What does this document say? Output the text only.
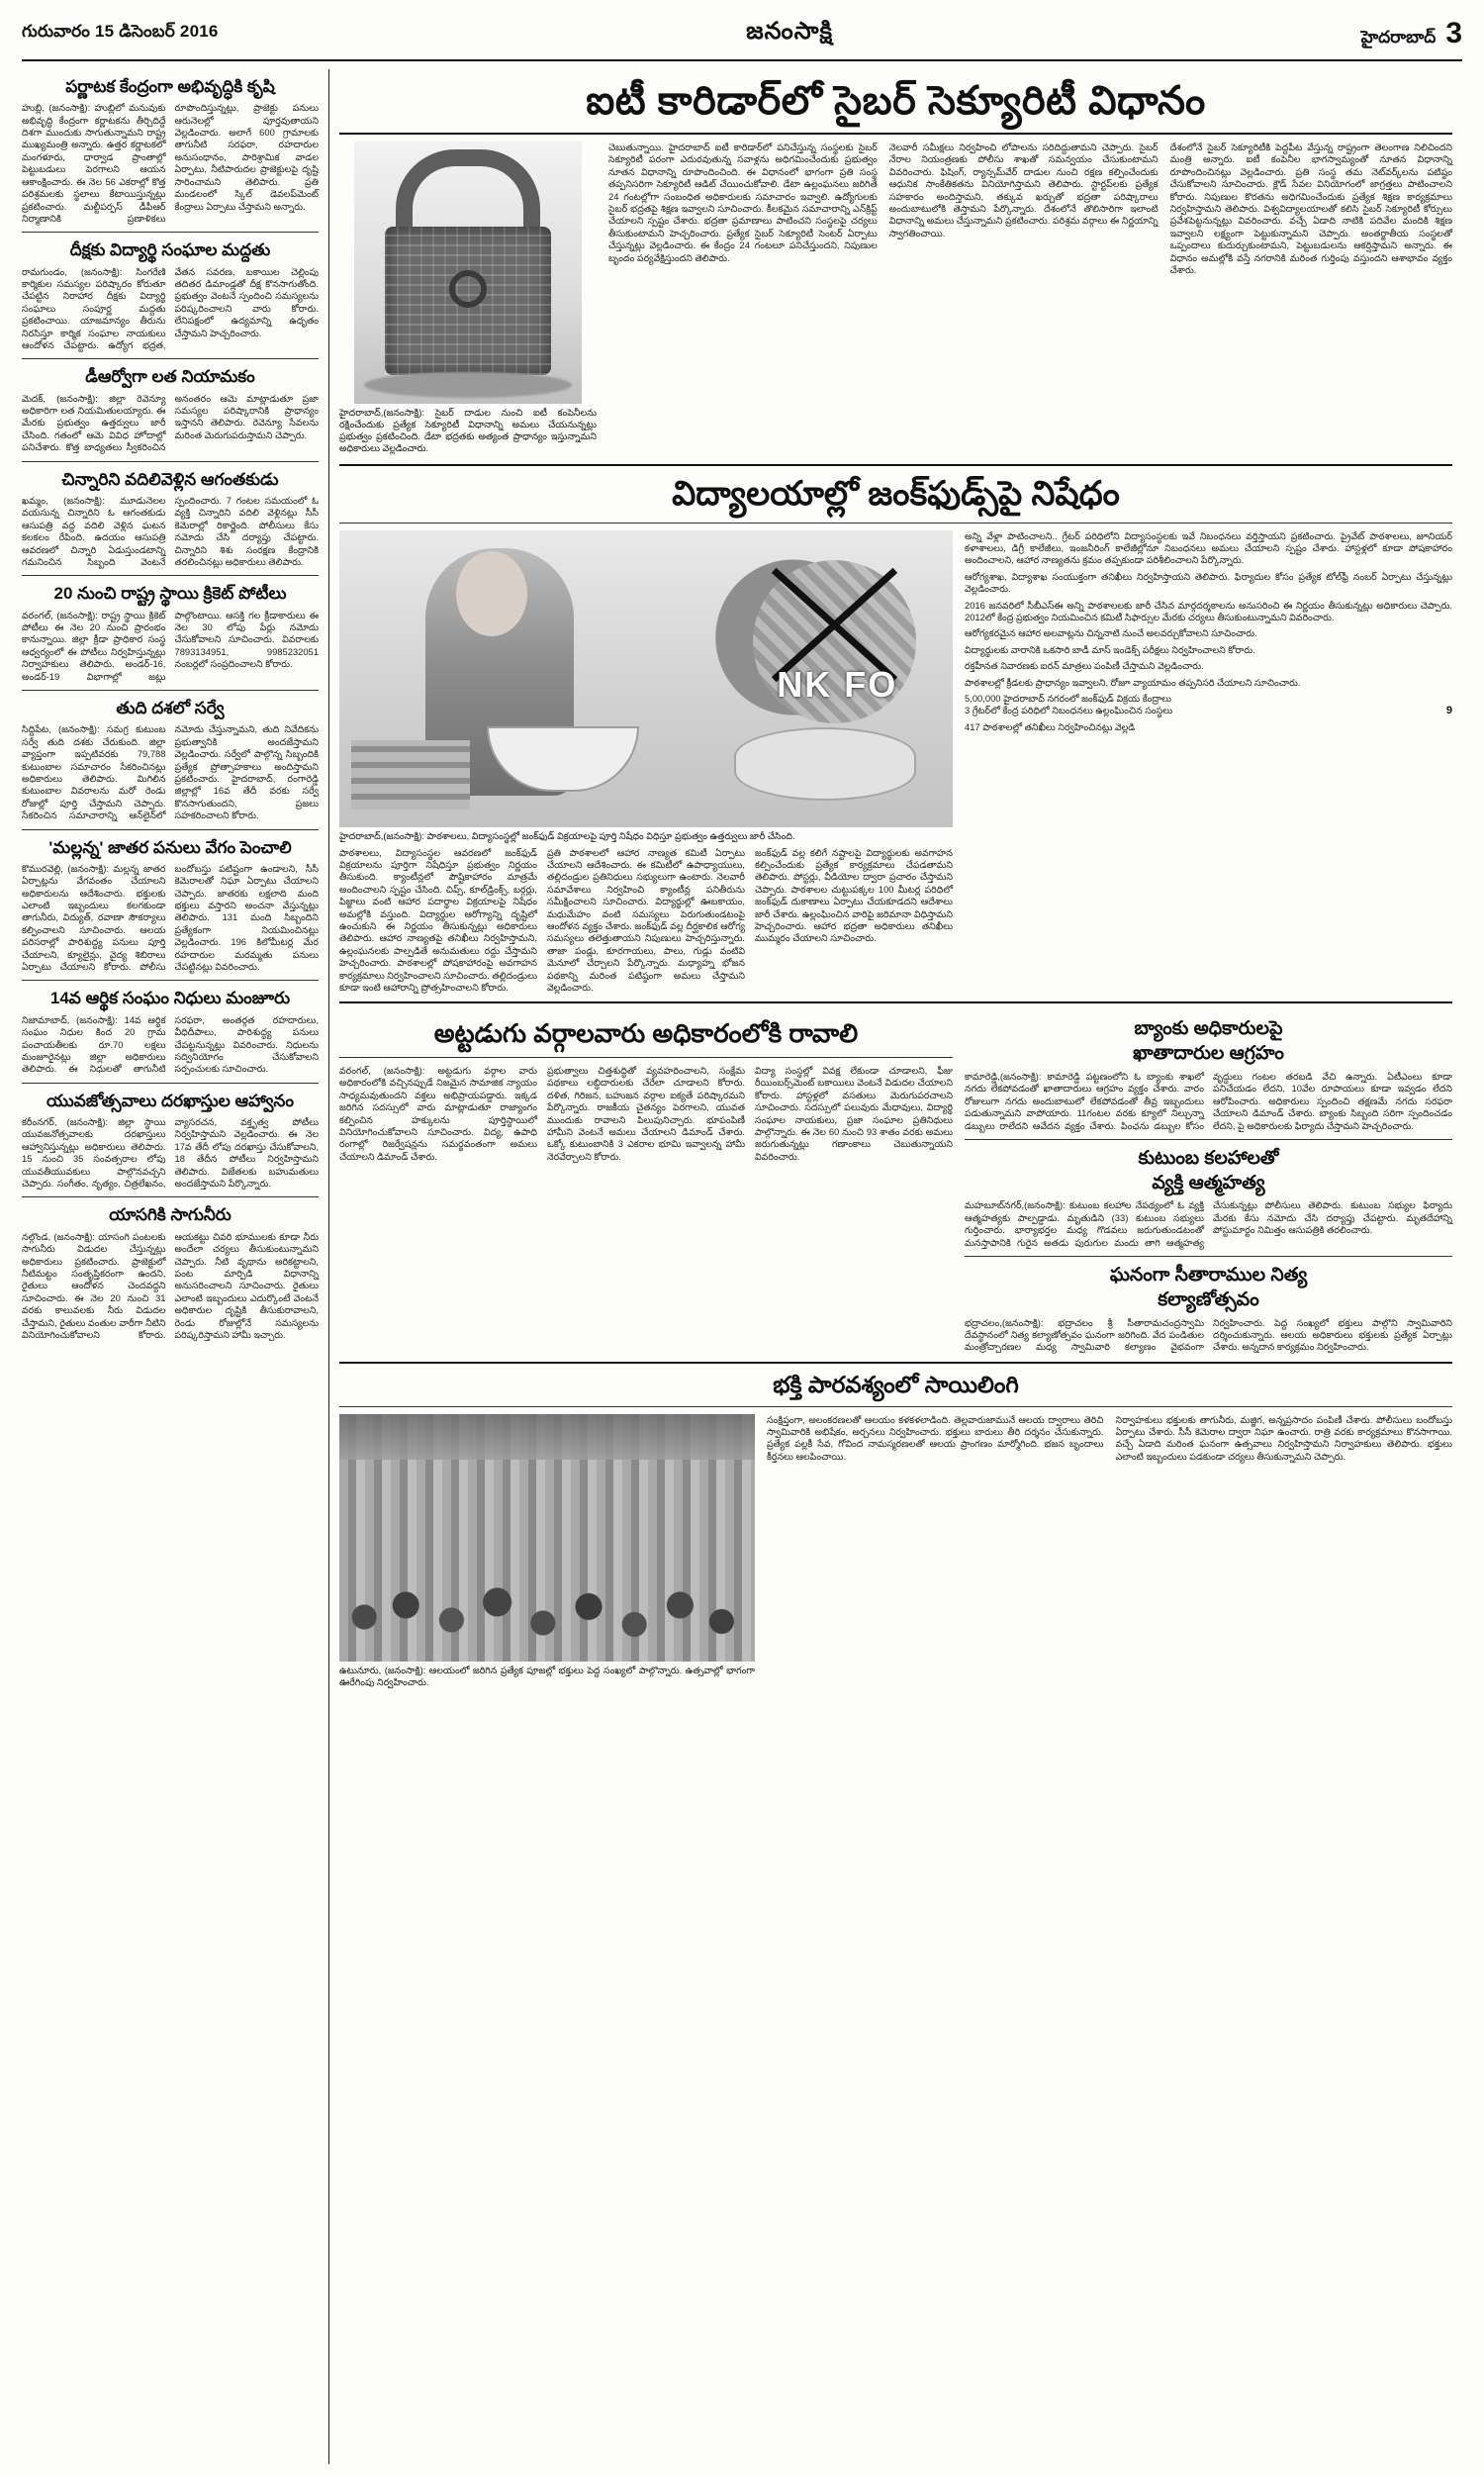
గురువారం 15 డిసెంబర్ 2016	జనంసాక్షి	హైదరాబాద్ 3
పర్ణాటక కేంద్రంగా అభివృద్ధికి కృషి
హుబ్లి, (జనంసాక్షి): హుబ్లిలో మనువుకు అభివృద్ధి కేంద్రంగా కర్ణాటకను తీర్చిదిద్దే దిశగా ముందుకు సాగుతున్నామని రాష్ట్ర ముఖ్యమంత్రి అన్నారు. ఉత్తర కర్ణాటకలో మంగళూరు, ధార్వాడ ప్రాంతాల్లో పెట్టుబడులు పెరగాలని ఆయన ఆకాంక్షించారు. ఈ నెల 56 ఎకరాల్లో కొత్త పరిశ్రమలకు స్థలాలు కేటాయిస్తున్నట్లు ప్రకటించారు. మల్టీపర్పస్ డీపీఆర్ నిర్మాణానికి ప్రణాళికలు రూపొందిస్తున్నట్లు, ప్రాజెక్టు పనులు ఆరునెలల్లో పూర్తవుతాయని వెల్లడించారు. అలాగే 600 గ్రామాలకు తాగునీటి సరఫరా, రహదారుల అనుసంధానం, పారిశ్రామిక వాడల ఏర్పాటు, నీటిపారుదల ప్రాజెక్టులపై దృష్టి సారించామని తెలిపారు. ప్రతి మండలంలో స్కిల్ డెవలప్‌మెంట్ కేంద్రాలు ఏర్పాటు చేస్తామని అన్నారు.
దీక్షకు విద్యార్థి సంఘాల మద్దతు
రామగుండం, (జనంసాక్షి): సింగరేణి కార్మికుల సమస్యల పరిష్కారం కోరుతూ చేపట్టిన నిరాహార దీక్షకు విద్యార్థి సంఘాలు సంపూర్ణ మద్దతు ప్రకటించాయి. యాజమాన్యం తీరును నిరసిస్తూ కార్మిక సంఘాల నాయకులు ఆందోళన చేపట్టారు. ఉద్యోగ భద్రత, వేతన సవరణ, బకాయిల చెల్లింపు తదితర డిమాండ్లతో దీక్ష కొనసాగుతోంది. ప్రభుత్వం వెంటనే స్పందించి సమస్యలను పరిష్కరించాలని వారు కోరారు. లేనిపక్షంలో ఉద్యమాన్ని ఉధృతం చేస్తామని హెచ్చరించారు.
డీఆర్వోగా లత నియామకం
మెదక్, (జనంసాక్షి): జిల్లా రెవెన్యూ అధికారిగా లత నియమితులయ్యారు. ఈ మేరకు ప్రభుత్వం ఉత్తర్వులు జారీ చేసింది. గతంలో ఆమె వివిధ హోదాల్లో పనిచేశారు. కొత్త బాధ్యతలు స్వీకరించిన అనంతరం ఆమె మాట్లాడుతూ ప్రజా సమస్యల పరిష్కారానికి ప్రాధాన్యం ఇస్తానని తెలిపారు. రెవెన్యూ సేవలను మరింత మెరుగుపరుస్తామని చెప్పారు.
చిన్నారిని వదిలివెళ్లిన ఆగంతకుడు
ఖమ్మం, (జనంసాక్షి): మూడునెలల వయసున్న చిన్నారిని ఓ ఆగంతకుడు ఆసుపత్రి వద్ద వదిలి వెళ్లిన ఘటన కలకలం రేపింది. ఉదయం ఆసుపత్రి ఆవరణలో చిన్నారి ఏడుస్తుండటాన్ని గమనించిన సిబ్బంది వెంటనే స్పందించారు. 7 గంటల సమయంలో ఓ వ్యక్తి చిన్నారిని వదిలి వెళ్లినట్లు సీసీ కెమెరాల్లో రికార్డైంది. పోలీసులు కేసు నమోదు చేసి దర్యాప్తు చేపట్టారు. చిన్నారిని శిశు సంరక్షణ కేంద్రానికి తరలించినట్లు అధికారులు తెలిపారు.
20 నుంచి రాష్ట్ర స్థాయి క్రికెట్ పోటీలు
వరంగల్, (జనంసాక్షి): రాష్ట్ర స్థాయి క్రికెట్ పోటీలు ఈ నెల 20 నుంచి ప్రారంభం కానున్నాయి. జిల్లా క్రీడా ప్రాధికార సంస్థ ఆధ్వర్యంలో ఈ పోటీలు నిర్వహిస్తున్నట్లు నిర్వాహకులు తెలిపారు. అండర్-16, అండర్-19 విభాగాల్లో జట్లు పాల్గొంటాయి. ఆసక్తి గల క్రీడాకారులు ఈ నెల 30 లోపు పేర్లు నమోదు చేసుకోవాలని సూచించారు. వివరాలకు 7893134951, 9985232051 నంబర్లలో సంప్రదించాలని కోరారు.
తుది దశలో సర్వే
సిద్దిపేట, (జనంసాక్షి): సమగ్ర కుటుంబ సర్వే తుది దశకు చేరుకుంది. జిల్లా వ్యాప్తంగా ఇప్పటివరకు 79,788 కుటుంబాల సమాచారం సేకరించినట్లు అధికారులు తెలిపారు. మిగిలిన కుటుంబాల వివరాలను మరో రెండు రోజుల్లో పూర్తి చేస్తామని చెప్పారు. సేకరించిన సమాచారాన్ని ఆన్‌లైన్‌లో నమోదు చేస్తున్నామని, తుది నివేదికను ప్రభుత్వానికి అందజేస్తామని వెల్లడించారు. సర్వేలో పాల్గొన్న సిబ్బందికి ప్రత్యేక ప్రోత్సాహకాలు అందిస్తామని ప్రకటించారు. హైదరాబాద్, రంగారెడ్డి జిల్లాల్లో 16వ తేదీ వరకు సర్వే కొనసాగుతుందని, ప్రజలు సహకరించాలని కోరారు.
'మల్లన్న' జాతర పనులు వేగం పెంచాలి
కొమురవెల్లి, (జనంసాక్షి): మల్లన్న జాతర ఏర్పాట్లను వేగవంతం చేయాలని అధికారులను ఆదేశించారు. భక్తులకు ఎలాంటి ఇబ్బందులు కలగకుండా తాగునీరు, విద్యుత్, రవాణా సౌకర్యాలు కల్పించాలని సూచించారు. ఆలయ పరిసరాల్లో పారిశుద్ధ్య పనులు పూర్తి చేయాలని, క్యూలైన్లు, వైద్య శిబిరాలు ఏర్పాటు చేయాలని కోరారు. పోలీసు బందోబస్తు పటిష్టంగా ఉండాలని, సీసీ కెమెరాలతో నిఘా ఏర్పాటు చేయాలని చెప్పారు. జాతరకు లక్షలాది మంది భక్తులు వస్తారని అంచనా వేస్తున్నట్లు తెలిపారు. 131 మంది సిబ్బందిని ప్రత్యేకంగా నియమించినట్లు వెల్లడించారు. 196 కిలోమీటర్ల మేర రహదారుల మరమ్మతు పనులు చేపట్టినట్లు వివరించారు.
14వ ఆర్థిక సంఘం నిధులు మంజూరు
నిజామాబాద్, (జనంసాక్షి): 14వ ఆర్థిక సంఘం నిధుల కింద 20 గ్రామ పంచాయతీలకు రూ.70 లక్షలు మంజూరైనట్లు జిల్లా అధికారులు తెలిపారు. ఈ నిధులతో తాగునీటి సరఫరా, అంతర్గత రహదారులు, వీధిదీపాలు, పారిశుద్ధ్య పనులు చేపట్టనున్నట్లు వివరించారు. నిధులను సద్వినియోగం చేసుకోవాలని సర్పంచులకు సూచించారు.
యువజోత్సవాలు దరఖాస్తుల ఆహ్వానం
కరీంనగర్, (జనంసాక్షి): జిల్లా స్థాయి యువజనోత్సవాలకు దరఖాస్తులు ఆహ్వానిస్తున్నట్లు అధికారులు తెలిపారు. 15 నుంచి 35 సంవత్సరాల లోపు యువతీయువకులు పాల్గొనవచ్చని చెప్పారు. సంగీతం, నృత్యం, చిత్రలేఖనం, వ్యాసరచన, వక్తృత్వ పోటీలు నిర్వహిస్తామని వెల్లడించారు. ఈ నెల 17వ తేదీ లోపు దరఖాస్తు చేసుకోవాలని, 18 తేదీన పోటీలు నిర్వహిస్తామని తెలిపారు. విజేతలకు బహుమతులు అందజేస్తామని పేర్కొన్నారు.
యాసగికి సాగునీరు
నల్గొండ, (జనంసాక్షి): యాసంగి పంటలకు సాగునీరు విడుదల చేస్తున్నట్లు అధికారులు ప్రకటించారు. ప్రాజెక్టులో నీటిమట్టం సంతృప్తికరంగా ఉందని, రైతులు ఆందోళన చెందవద్దని సూచించారు. ఈ నెల 20 నుంచి 31 వరకు కాలువలకు నీరు విడుదల చేస్తామని, రైతులు వంతుల వారీగా నీటిని వినియోగించుకోవాలని కోరారు. ఆయకట్టు చివరి భూములకు కూడా నీరు అందేలా చర్యలు తీసుకుంటున్నామని చెప్పారు. నీటి వృథాను అరికట్టాలని, పంట మార్పిడి విధానాన్ని అనుసరించాలని సూచించారు. రైతులు ఎలాంటి ఇబ్బందులు ఎదుర్కొంటే వెంటనే అధికారుల దృష్టికి తీసుకురావాలని, రెండు రోజుల్లోనే సమస్యలను పరిష్కరిస్తామని హామీ ఇచ్చారు.
ఐటీ కారిడార్‌లో సైబర్ సెక్యూరిటీ విధానం
హైదరాబాద్,(జనంసాక్షి): సైబర్ దాడుల నుంచి ఐటీ కంపెనీలను రక్షించేందుకు ప్రత్యేక సెక్యూరిటీ విధానాన్ని అమలు చేయనున్నట్లు ప్రభుత్వం ప్రకటించింది. డేటా భద్రతకు అత్యంత ప్రాధాన్యం ఇస్తున్నామని అధికారులు వెల్లడించారు.
చెబుతున్నాయి. హైదరాబాద్ ఐటీ కారిడార్‌లో పనిచేస్తున్న సంస్థలకు సైబర్ సెక్యూరిటీ పరంగా ఎదురవుతున్న సవాళ్లను అధిగమించేందుకు ప్రభుత్వం నూతన విధానాన్ని రూపొందించింది. ఈ విధానంలో భాగంగా ప్రతి సంస్థ తప్పనిసరిగా సెక్యూరిటీ ఆడిట్ చేయించుకోవాలి. డేటా ఉల్లంఘనలు జరిగితే 24 గంటల్లోగా సంబంధిత అధికారులకు సమాచారం ఇవ్వాలి. ఉద్యోగులకు సైబర్ భద్రతపై శిక్షణ ఇవ్వాలని సూచించారు. కీలకమైన సమాచారాన్ని ఎన్‌క్రిప్ట్ చేయాలని స్పష్టం చేశారు. భద్రతా ప్రమాణాలు పాటించని సంస్థలపై చర్యలు తీసుకుంటామని హెచ్చరించారు. ప్రత్యేక సైబర్ సెక్యూరిటీ సెంటర్ ఏర్పాటు చేస్తున్నట్లు వెల్లడించారు. ఈ కేంద్రం 24 గంటలూ పనిచేస్తుందని, నిపుణుల బృందం పర్యవేక్షిస్తుందని తెలిపారు.
నెలవారీ సమీక్షలు నిర్వహించి లోపాలను సరిదిద్దుతామని చెప్పారు. సైబర్ నేరాల నియంత్రణకు పోలీసు శాఖతో సమన్వయం చేసుకుంటామని వివరించారు. ఫిషింగ్, ర్యాన్సమ్‌వేర్ దాడుల నుంచి రక్షణ కల్పించేందుకు ఆధునిక సాంకేతికతను వినియోగిస్తామని తెలిపారు. స్టార్టప్‌లకు ప్రత్యేక సహకారం అందిస్తామని, తక్కువ ఖర్చుతో భద్రతా పరిష్కారాలు అందుబాటులోకి తెస్తామని పేర్కొన్నారు. దేశంలోనే తొలిసారిగా ఇలాంటి విధానాన్ని అమలు చేస్తున్నామని ప్రకటించారు. పరిశ్రమ వర్గాలు ఈ నిర్ణయాన్ని స్వాగతించాయి.
దేశంలోనే సైబర్ సెక్యూరిటీకి పెద్దపీట వేస్తున్న రాష్ట్రంగా తెలంగాణ నిలిచిందని మంత్రి అన్నారు. ఐటీ కంపెనీల భాగస్వామ్యంతో నూతన విధానాన్ని రూపొందించినట్లు వెల్లడించారు. ప్రతి సంస్థ తమ నెట్‌వర్క్‌లను పటిష్ఠం చేసుకోవాలని సూచించారు. క్లౌడ్ సేవల వినియోగంలో జాగ్రత్తలు పాటించాలని కోరారు. నిపుణుల కొరతను అధిగమించేందుకు ప్రత్యేక శిక్షణ కార్యక్రమాలు నిర్వహిస్తామని తెలిపారు. విశ్వవిద్యాలయాలతో కలిసి సైబర్ సెక్యూరిటీ కోర్సులు ప్రవేశపెట్టనున్నట్లు వివరించారు. వచ్చే ఏడాది నాటికి పదివేల మందికి శిక్షణ ఇవ్వాలని లక్ష్యంగా పెట్టుకున్నామని చెప్పారు. అంతర్జాతీయ సంస్థలతో ఒప్పందాలు కుదుర్చుకుంటామని, పెట్టుబడులను ఆకర్షిస్తామని అన్నారు. ఈ విధానం అమల్లోకి వస్తే నగరానికి మరింత గుర్తింపు వస్తుందని ఆశాభావం వ్యక్తం చేశారు.
విద్యాలయాల్లో జంక్‌ఫుడ్స్‌పై నిషేధం
NK FO
హైదరాబాద్,(జనంసాక్షి): పాఠశాలలు, విద్యాసంస్థల్లో జంక్‌ఫుడ్ విక్రయాలపై పూర్తి నిషేధం విధిస్తూ ప్రభుత్వం ఉత్తర్వులు జారీ చేసింది.
పాఠశాలలు, విద్యాసంస్థల ఆవరణలో జంక్‌ఫుడ్ విక్రయాలను పూర్తిగా నిషేధిస్తూ ప్రభుత్వం నిర్ణయం తీసుకుంది. క్యాంటీన్లలో పౌష్టికాహారం మాత్రమే అందించాలని స్పష్టం చేసింది. చిప్స్, కూల్‌డ్రింక్స్, బర్గర్లు, పిజ్జాలు వంటి ఆహార పదార్థాల విక్రయాలపై నిషేధం అమల్లోకి వస్తుంది. విద్యార్థుల ఆరోగ్యాన్ని దృష్టిలో ఉంచుకుని ఈ నిర్ణయం తీసుకున్నట్లు అధికారులు తెలిపారు. ఆహార నాణ్యతపై తనిఖీలు నిర్వహిస్తామని, ఉల్లంఘనలకు పాల్పడితే అనుమతులు రద్దు చేస్తామని హెచ్చరించారు. పాఠశాలల్లో పోషకాహారంపై అవగాహన కార్యక్రమాలు నిర్వహించాలని సూచించారు. తల్లిదండ్రులు కూడా ఇంటి ఆహారాన్ని ప్రోత్సహించాలని కోరారు.
ప్రతి పాఠశాలలో ఆహార నాణ్యత కమిటీ ఏర్పాటు చేయాలని ఆదేశించారు. ఈ కమిటీలో ఉపాధ్యాయులు, తల్లిదండ్రుల ప్రతినిధులు సభ్యులుగా ఉంటారు. నెలవారీ సమావేశాలు నిర్వహించి క్యాంటీన్ల పనితీరును సమీక్షించాలని సూచించారు. విద్యార్థుల్లో ఊబకాయం, మధుమేహం వంటి సమస్యలు పెరుగుతుండటంపై ఆందోళన వ్యక్తం చేశారు. జంక్‌ఫుడ్ వల్ల దీర్ఘకాలిక ఆరోగ్య సమస్యలు తలెత్తుతాయని నిపుణులు హెచ్చరిస్తున్నారు. తాజా పండ్లు, కూరగాయలు, పాలు, గుడ్లు వంటివి మెనూలో చేర్చాలని పేర్కొన్నారు. మధ్యాహ్న భోజన పథకాన్ని మరింత పటిష్ఠంగా అమలు చేస్తామని వెల్లడించారు.
జంక్‌ఫుడ్ వల్ల కలిగే నష్టాలపై విద్యార్థులకు అవగాహన కల్పించేందుకు ప్రత్యేక కార్యక్రమాలు చేపడతామని తెలిపారు. పోస్టర్లు, వీడియోల ద్వారా ప్రచారం చేస్తామని చెప్పారు. పాఠశాలల చుట్టుపక్కల 100 మీటర్ల పరిధిలో జంక్‌ఫుడ్ దుకాణాలు ఏర్పాటు చేయకూడదని ఆదేశాలు జారీ చేశారు. ఉల్లంఘించిన వారిపై జరిమానా విధిస్తామని హెచ్చరించారు. ఆహార భద్రతా అధికారులు తనిఖీలు ముమ్మరం చేయాలని సూచించారు.
అన్ని వేళ్లా పాటించాలని.. గ్రేటర్ పరిధిలోని విద్యాసంస్థలకు ఇవే నిబంధనలు వర్తిస్తాయని ప్రకటించారు. ప్రైవేట్ పాఠశాలలు, జూనియర్ కళాశాలలు, డిగ్రీ కాలేజీలు, ఇంజనీరింగ్ కాలేజీల్లోనూ నిబంధనలు అమలు చేయాలని స్పష్టం చేశారు. హాస్టళ్లలో కూడా పోషకాహారం అందించాలని, ఆహార నాణ్యతను క్రమం తప్పకుండా పరిశీలించాలని పేర్కొన్నారు.
ఆరోగ్యశాఖ, విద్యాశాఖ సంయుక్తంగా తనిఖీలు నిర్వహిస్తాయని తెలిపారు. ఫిర్యాదుల కోసం ప్రత్యేక టోల్‌ఫ్రీ నంబర్ ఏర్పాటు చేస్తున్నట్లు వెల్లడించారు.
2016 జనవరిలో సీబీఎస్‌ఈ అన్ని పాఠశాలలకు జారీ చేసిన మార్గదర్శకాలను అనుసరించి ఈ నిర్ణయం తీసుకున్నట్లు అధికారులు చెప్పారు. 2012లో కేంద్ర ప్రభుత్వం నియమించిన కమిటీ సిఫార్సుల మేరకు చర్యలు తీసుకుంటున్నామని వివరించారు.
ఆరోగ్యకరమైన ఆహార అలవాట్లను చిన్ననాటి నుంచే అలవర్చుకోవాలని సూచించారు.
విద్యార్థులకు వారానికి ఒకసారి బాడీ మాస్ ఇండెక్స్ పరీక్షలు నిర్వహించాలని కోరారు.
రక్తహీనత నివారణకు ఐరన్ మాత్రలు పంపిణీ చేస్తామని వెల్లడించారు.
పాఠశాలల్లో క్రీడలకు ప్రాధాన్యం ఇవ్వాలని, రోజూ వ్యాయామం తప్పనిసరి చేయాలని సూచించారు.
5,00,000 హైదరాబాద్ నగరంలో జంక్‌ఫుడ్ విక్రయ కేంద్రాలు
3 గ్రేటర్‌లో కేంద్ర పరిధిలో నిబంధనలు ఉల్లంఘించిన సంస్థలు	9
417 పాఠశాలల్లో తనిఖీలు నిర్వహించినట్లు వెల్లడి
అట్టడుగు వర్గాలవారు అధికారంలోకి రావాలి
వరంగల్, (జనంసాక్షి): అట్టడుగు వర్గాల వారు అధికారంలోకి వచ్చినప్పుడే నిజమైన సామాజిక న్యాయం సాధ్యమవుతుందని వక్తలు అభిప్రాయపడ్డారు. ఇక్కడ జరిగిన సదస్సులో వారు మాట్లాడుతూ రాజ్యాంగం కల్పించిన హక్కులను పూర్తిస్థాయిలో వినియోగించుకోవాలని సూచించారు. విద్య, ఉపాధి రంగాల్లో రిజర్వేషన్లను సమర్థవంతంగా అమలు చేయాలని డిమాండ్ చేశారు.
ప్రభుత్వాలు చిత్తశుద్ధితో వ్యవహరించాలని, సంక్షేమ పథకాలు లబ్ధిదారులకు చేరేలా చూడాలని కోరారు. దళిత, గిరిజన, బహుజన వర్గాల ఐక్యతే పరిష్కారమని పేర్కొన్నారు. రాజకీయ చైతన్యం పెరగాలని, యువత ముందుకు రావాలని పిలుపునిచ్చారు. భూపంపిణీ హామీని వెంటనే అమలు చేయాలని డిమాండ్ చేశారు. ఒక్కో కుటుంబానికి 3 ఎకరాల భూమి ఇవ్వాలన్న హామీ నెరవేర్చాలని కోరారు.
విద్యా సంస్థల్లో వివక్ష లేకుండా చూడాలని, ఫీజు రీయింబర్స్‌మెంట్ బకాయిలు వెంటనే విడుదల చేయాలని కోరారు. హాస్టళ్లలో వసతులు మెరుగుపరచాలని సూచించారు. సదస్సులో పలువురు మేధావులు, విద్యార్థి సంఘాల నాయకులు, ప్రజా సంఘాల ప్రతినిధులు పాల్గొన్నారు. ఈ నెల 60 నుంచి 93 శాతం వరకు అమలు జరుగుతున్నట్లు గణాంకాలు చెబుతున్నాయని వివరించారు.
బ్యాంకు అధికారులపై
ఖాతాదారుల ఆగ్రహం
కామారెడ్డి,(జనంసాక్షి): కామారెడ్డి పట్టణంలోని ఓ బ్యాంకు శాఖలో నగదు లేకపోవడంతో ఖాతాదారులు ఆగ్రహం వ్యక్తం చేశారు. వారం రోజులుగా నగదు అందుబాటులో లేకపోవడంతో తీవ్ర ఇబ్బందులు పడుతున్నామని వాపోయారు. 11గంటల వరకు క్యూలో నిల్చున్నా డబ్బులు రాలేదని ఆవేదన వ్యక్తం చేశారు. పింఛను డబ్బుల కోసం వృద్ధులు గంటల తరబడి వేచి ఉన్నారు. ఏటీఎంలు కూడా పనిచేయడం లేదని, 10వేల రూపాయలు కూడా ఇవ్వడం లేదని ఆరోపించారు. అధికారులు స్పందించి తక్షణమే నగదు సరఫరా చేయాలని డిమాండ్ చేశారు. బ్యాంకు సిబ్బంది సరిగా స్పందించడం లేదని, పై అధికారులకు ఫిర్యాదు చేస్తామని హెచ్చరించారు.
కుటుంబ కలహాలతో
వ్యక్తి ఆత్మహత్య
మహబూబ్‌నగర్,(జనంసాక్షి): కుటుంబ కలహాల నేపథ్యంలో ఓ వ్యక్తి ఆత్మహత్యకు పాల్పడ్డాడు. మృతుడిని (33) కుటుంబ సభ్యులు గుర్తించారు. భార్యాభర్తల మధ్య గొడవలు జరుగుతుండటంతో మనస్తాపానికి గురైన అతడు పురుగుల మందు తాగి ఆత్మహత్య చేసుకున్నట్లు పోలీసులు తెలిపారు. కుటుంబ సభ్యుల ఫిర్యాదు మేరకు కేసు నమోదు చేసి దర్యాప్తు చేపట్టారు. మృతదేహాన్ని పోస్టుమార్టం నిమిత్తం ఆసుపత్రికి తరలించారు.
ఘనంగా సీతారాముల నిత్య
కల్యాణోత్సవం
భద్రాచలం,(జనంసాక్షి): భద్రాచలం శ్రీ సీతారామచంద్రస్వామి దేవస్థానంలో నిత్య కల్యాణోత్సవం ఘనంగా జరిగింది. వేద పండితుల మంత్రోచ్చారణల మధ్య స్వామివారి కల్యాణం వైభవంగా నిర్వహించారు. పెద్ద సంఖ్యలో భక్తులు పాల్గొని స్వామివారిని దర్శించుకున్నారు. ఆలయ అధికారులు భక్తులకు ప్రత్యేక ఏర్పాట్లు చేశారు. అన్నదాన కార్యక్రమం నిర్వహించారు.
భక్తి పారవశ్యంలో సాయిలింగి
ఉటునూరు, (జనంసాక్షి): ఆలయంలో జరిగిన ప్రత్యేక పూజల్లో భక్తులు పెద్ద సంఖ్యలో పాల్గొన్నారు. ఉత్సవాల్లో భాగంగా ఊరేగింపు నిర్వహించారు.
సంక్షిప్తంగా, అలంకరణలతో ఆలయం కళకళలాడింది. తెల్లవారుజామునే ఆలయ ద్వారాలు తెరిచి స్వామివారికి అభిషేకం, అర్చనలు నిర్వహించారు. భక్తులు బారులు తీరి దర్శనం చేసుకున్నారు. ప్రత్యేక పల్లకీ సేవ, గోవింద నామస్మరణలతో ఆలయ ప్రాంగణం మార్మోగింది. భజన బృందాలు కీర్తనలు ఆలపించాయి.
నిర్వాహకులు భక్తులకు తాగునీరు, మజ్జిగ, అన్నప్రసాదం పంపిణీ చేశారు. పోలీసులు బందోబస్తు ఏర్పాటు చేశారు. సీసీ కెమెరాల ద్వారా నిఘా ఉంచారు. రాత్రి వరకు కార్యక్రమాలు కొనసాగాయి. వచ్చే ఏడాది మరింత ఘనంగా ఉత్సవాలు నిర్వహిస్తామని నిర్వాహకులు తెలిపారు. భక్తులు ఎలాంటి ఇబ్బందులు పడకుండా చర్యలు తీసుకున్నామని చెప్పారు.
